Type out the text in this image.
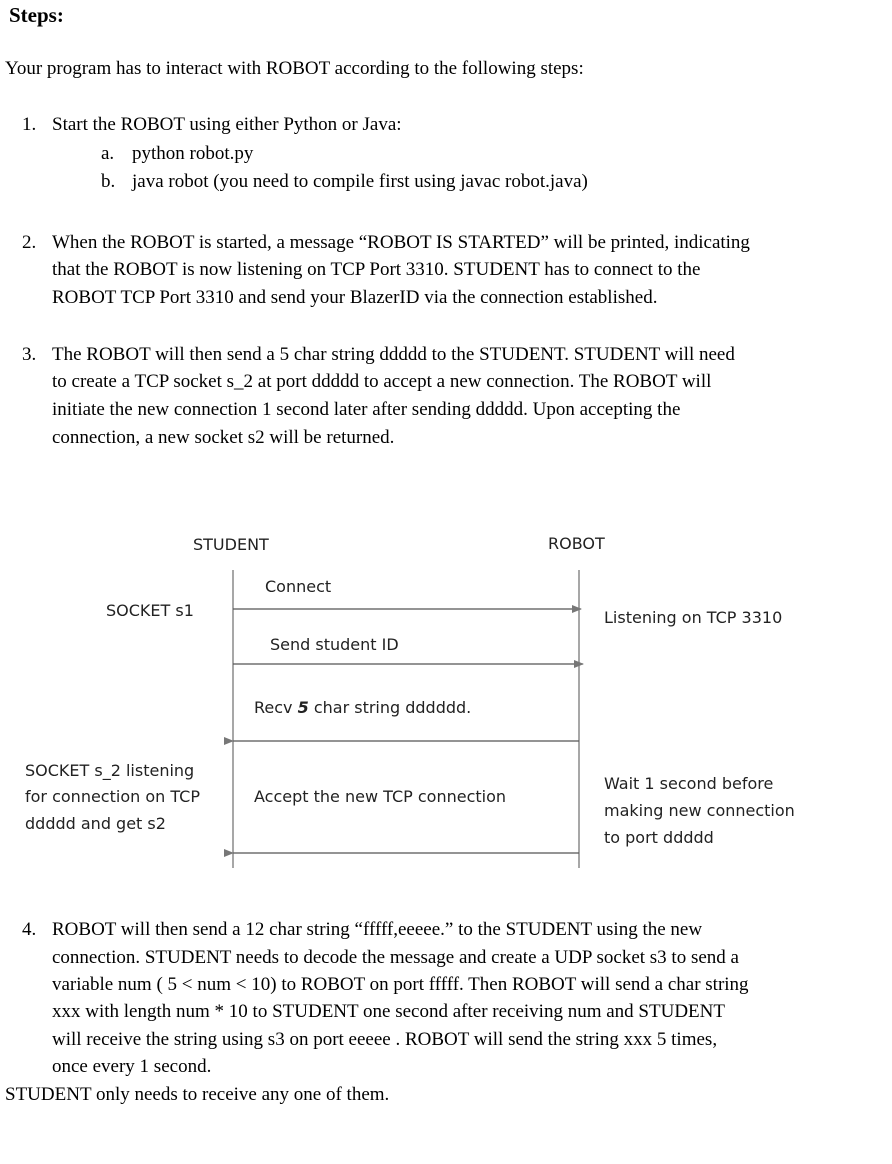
Steps:
Your program has to interact with ROBOT according to the following steps:
1. Start the ROBOT using either Python or Java:
a. python robot.py
b. java robot (you need to compile first using javac robot.java)
2. When the ROBOT is started, a message “ROBOT IS STARTED” will be printed, indicating
that the ROBOT is now listening on TCP Port 3310. STUDENT has to connect to the
ROBOT TCP Port 3310 and send your BlazerID via the connection established.
3. The ROBOT will then send a 5 char string ddddd to the STUDENT. STUDENT will need
to create a TCP socket s_2 at port ddddd to accept a new connection. The ROBOT will
initiate the new connection 1 second later after sending ddddd. Upon accepting the
connection, a new socket s2 will be returned.
STUDENT	ROBOT
Connect
SOCKET s1	Listening on TCP 3310
Send student ID
Recv 5 char string dddddd.
SOCKET s_2 listening
for connection on TCP
ddddd and get s2
Accept the new TCP connection
Wait 1 second before
making new connection
to port ddddd
4. ROBOT will then send a 12 char string “fffff,eeeee.” to the STUDENT using the new
connection. STUDENT needs to decode the message and create a UDP socket s3 to send a
variable num ( 5 < num < 10) to ROBOT on port fffff. Then ROBOT will send a char string
xxx with length num * 10 to STUDENT one second after receiving num and STUDENT
will receive the string using s3 on port eeeee . ROBOT will send the string xxx 5 times,
once every 1 second.
STUDENT only needs to receive any one of them.
